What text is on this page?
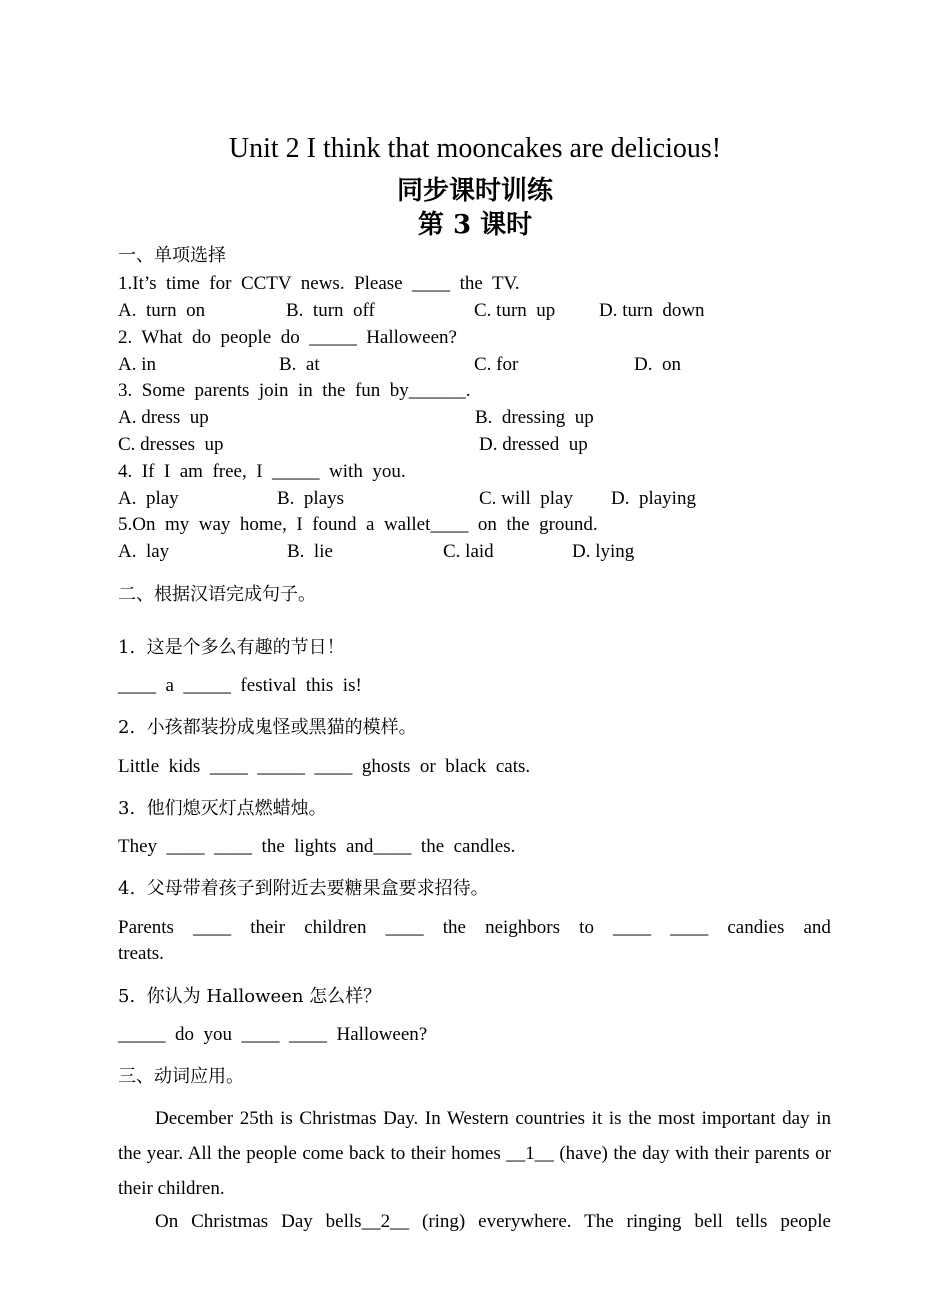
Unit 2 I think that mooncakes are delicious!
同步课时训练
第 3 课时
一、单项选择
1.It’s  time  for  CCTV  news.  Please  ____  the  TV.
A.  turn  on	B.  turn  off	C. turn  up D. turn  down
2.  What  do  people  do  _____  Halloween?
A. in	B.  at	C. for	D.  on
3.  Some  parents  join  in  the  fun  by______.
A. dress  up	B.  dressing  up
C. dresses  up	D. dressed  up
4.  If  I  am  free,  I  _____  with  you.
A.  play	B.  plays	C. will  play D.  playing
5.On  my  way  home,  I  found  a  wallet____  on  the  ground.
A.  lay	B.  lie	C. laid	D. lying
二、根据汉语完成句子。
1.  这是个多么有趣的节日！
____  a  _____  festival  this  is!
2.  小孩都装扮成鬼怪或黑猫的模样。
Little  kids  ____  _____  ____  ghosts  or  black  cats.
3.  他们熄灭灯点燃蜡烛。
They  ____  ____  the  lights  and____  the  candles.
4.  父母带着孩子到附近去要糖果盒要求招待。
Parents ____ their children ____ the neighbors to ____ ____ candies and
treats.
5.  你认为 Halloween 怎么样？
_____  do  you  ____  ____  Halloween?
三、动词应用。
December 25th is Christmas Day. In Western countries it is the most important day in the year. All the people come back to their homes __1__ (have) the day with their parents or their children.
On Christmas Day bells__2__ (ring) everywhere. The ringing bell tells people
